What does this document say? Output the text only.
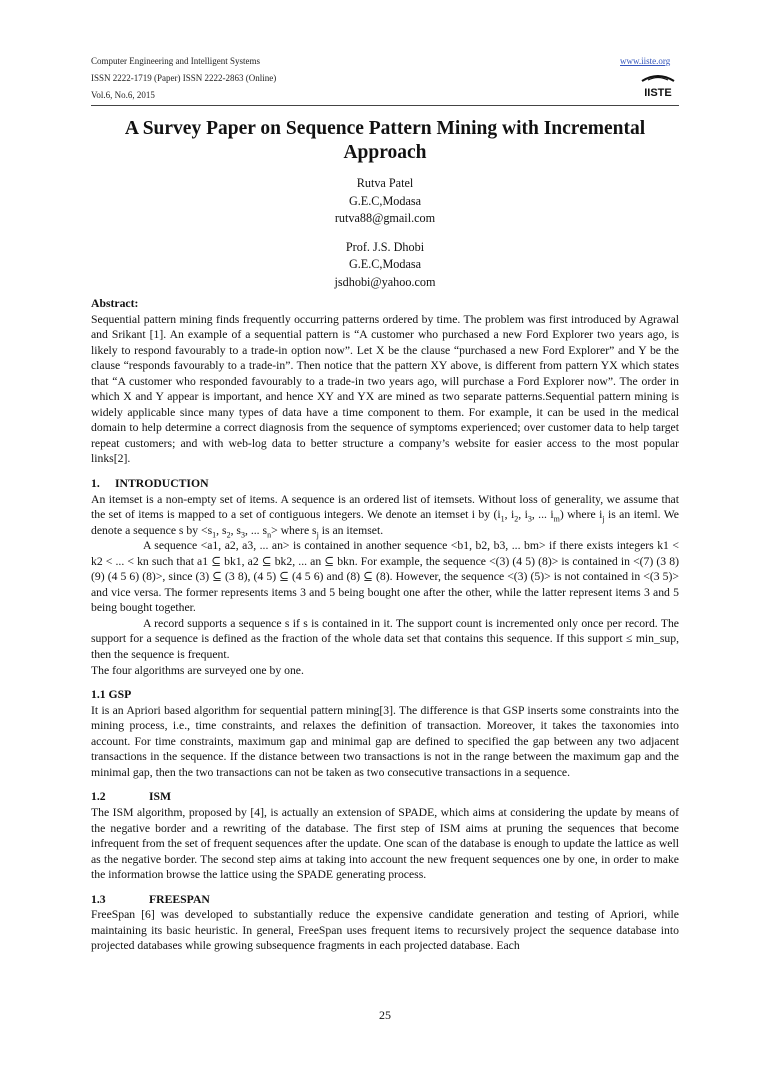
Computer Engineering and Intelligent Systems
ISSN 2222-1719 (Paper) ISSN 2222-2863 (Online)
Vol.6, No.6, 2015
www.iiste.org
IISTE
A Survey Paper on Sequence Pattern Mining with Incremental Approach
Rutva Patel
G.E.C,Modasa
rutva88@gmail.com
Prof. J.S. Dhobi
G.E.C,Modasa
jsdhobi@yahoo.com

Abstract:

Sequential pattern mining finds frequently occurring patterns ordered by time. The problem was first introduced by Agrawal and Srikant [1]. An example of a sequential pattern is “A customer who purchased a new Ford Explorer two years ago, is likely to respond favourably to a trade-in option now”. Let X be the clause “purchased a new Ford Explorer” and Y be the clause “responds favourably to a trade-in”. Then notice that the pattern XY above, is different from pattern YX which states that “A customer who responded favourably to a trade-in two years ago, will purchase a Ford Explorer now”. The order in which X and Y appear is important, and hence XY and YX are mined as two separate patterns.Sequential pattern mining is widely applicable since many types of data have a time component to them. For example, it can be used in the medical domain to help determine a correct diagnosis from the sequence of symptoms experienced; over customer data to help target repeat customers; and with web-log data to better structure a company’s website for easier access to the most popular links[2].

1. INTRODUCTION

An itemset is a non-empty set of items. A sequence is an ordered list of itemsets. Without loss of generality, we assume that the set of items is mapped to a set of contiguous integers. We denote an itemset i by ($i_1$, $i_2$, $i_3$, ... $i_m$) where $i_j$ is an iteml. We denote a sequence s by $<s_1$, $s_2$, $s_3$, ... $s_n>$ where $s_j$ is an itemset.

A sequence <a1, a2, a3, ... an> is contained in another sequence <b1, b2, b3, ... bm> if there exists integers k1 < k2 < ... < kn such that a1 ⊆ bk1, a2 ⊆ bk2, ... an ⊆ bkn. For example, the sequence <(3) (4 5) (8)> is contained in <(7) (3 8) (9) (4 5 6) (8)>, since (3) ⊆ (3 8), (4 5) ⊆ (4 5 6) and (8) ⊆ (8). However, the sequence <(3) (5)> is not contained in <(3 5)> and vice versa. The former represents items 3 and 5 being bought one after the other, while the latter represent items 3 and 5 being bought together.

A record supports a sequence s if s is contained in it. The support count is incremented only once per record. The support for a sequence is defined as the fraction of the whole data set that contains this sequence. If this support ≤ min_sup, then the sequence is frequent.

The four algorithms are surveyed one by one.

1.1 GSP

It is an Apriori based algorithm for sequential pattern mining[3]. The difference is that GSP inserts some constraints into the mining process, i.e., time constraints, and relaxes the definition of transaction. Moreover, it takes the taxonomies into account. For time constraints, maximum gap and minimal gap are defined to specified the gap between any two adjacent transactions in the sequence. If the distance between two transactions is not in the range between the maximum gap and the minimal gap, then the two transactions can not be taken as two consecutive transactions in a sequence.

1.2	ISM

The ISM algorithm, proposed by [4], is actually an extension of SPADE, which aims at considering the update by means of the negative border and a rewriting of the database. The first step of ISM aims at pruning the sequences that become infrequent from the set of frequent sequences after the update. One scan of the database is enough to update the lattice as well as the negative border. The second step aims at taking into account the new frequent sequences one by one, in order to make the information browse the lattice using the SPADE generating process.

1.3	FREESPAN

FreeSpan [6] was developed to substantially reduce the expensive candidate generation and testing of Apriori, while maintaining its basic heuristic. In general, FreeSpan uses frequent items to recursively project the sequence database into projected databases while growing subsequence fragments in each projected database. Each

25
